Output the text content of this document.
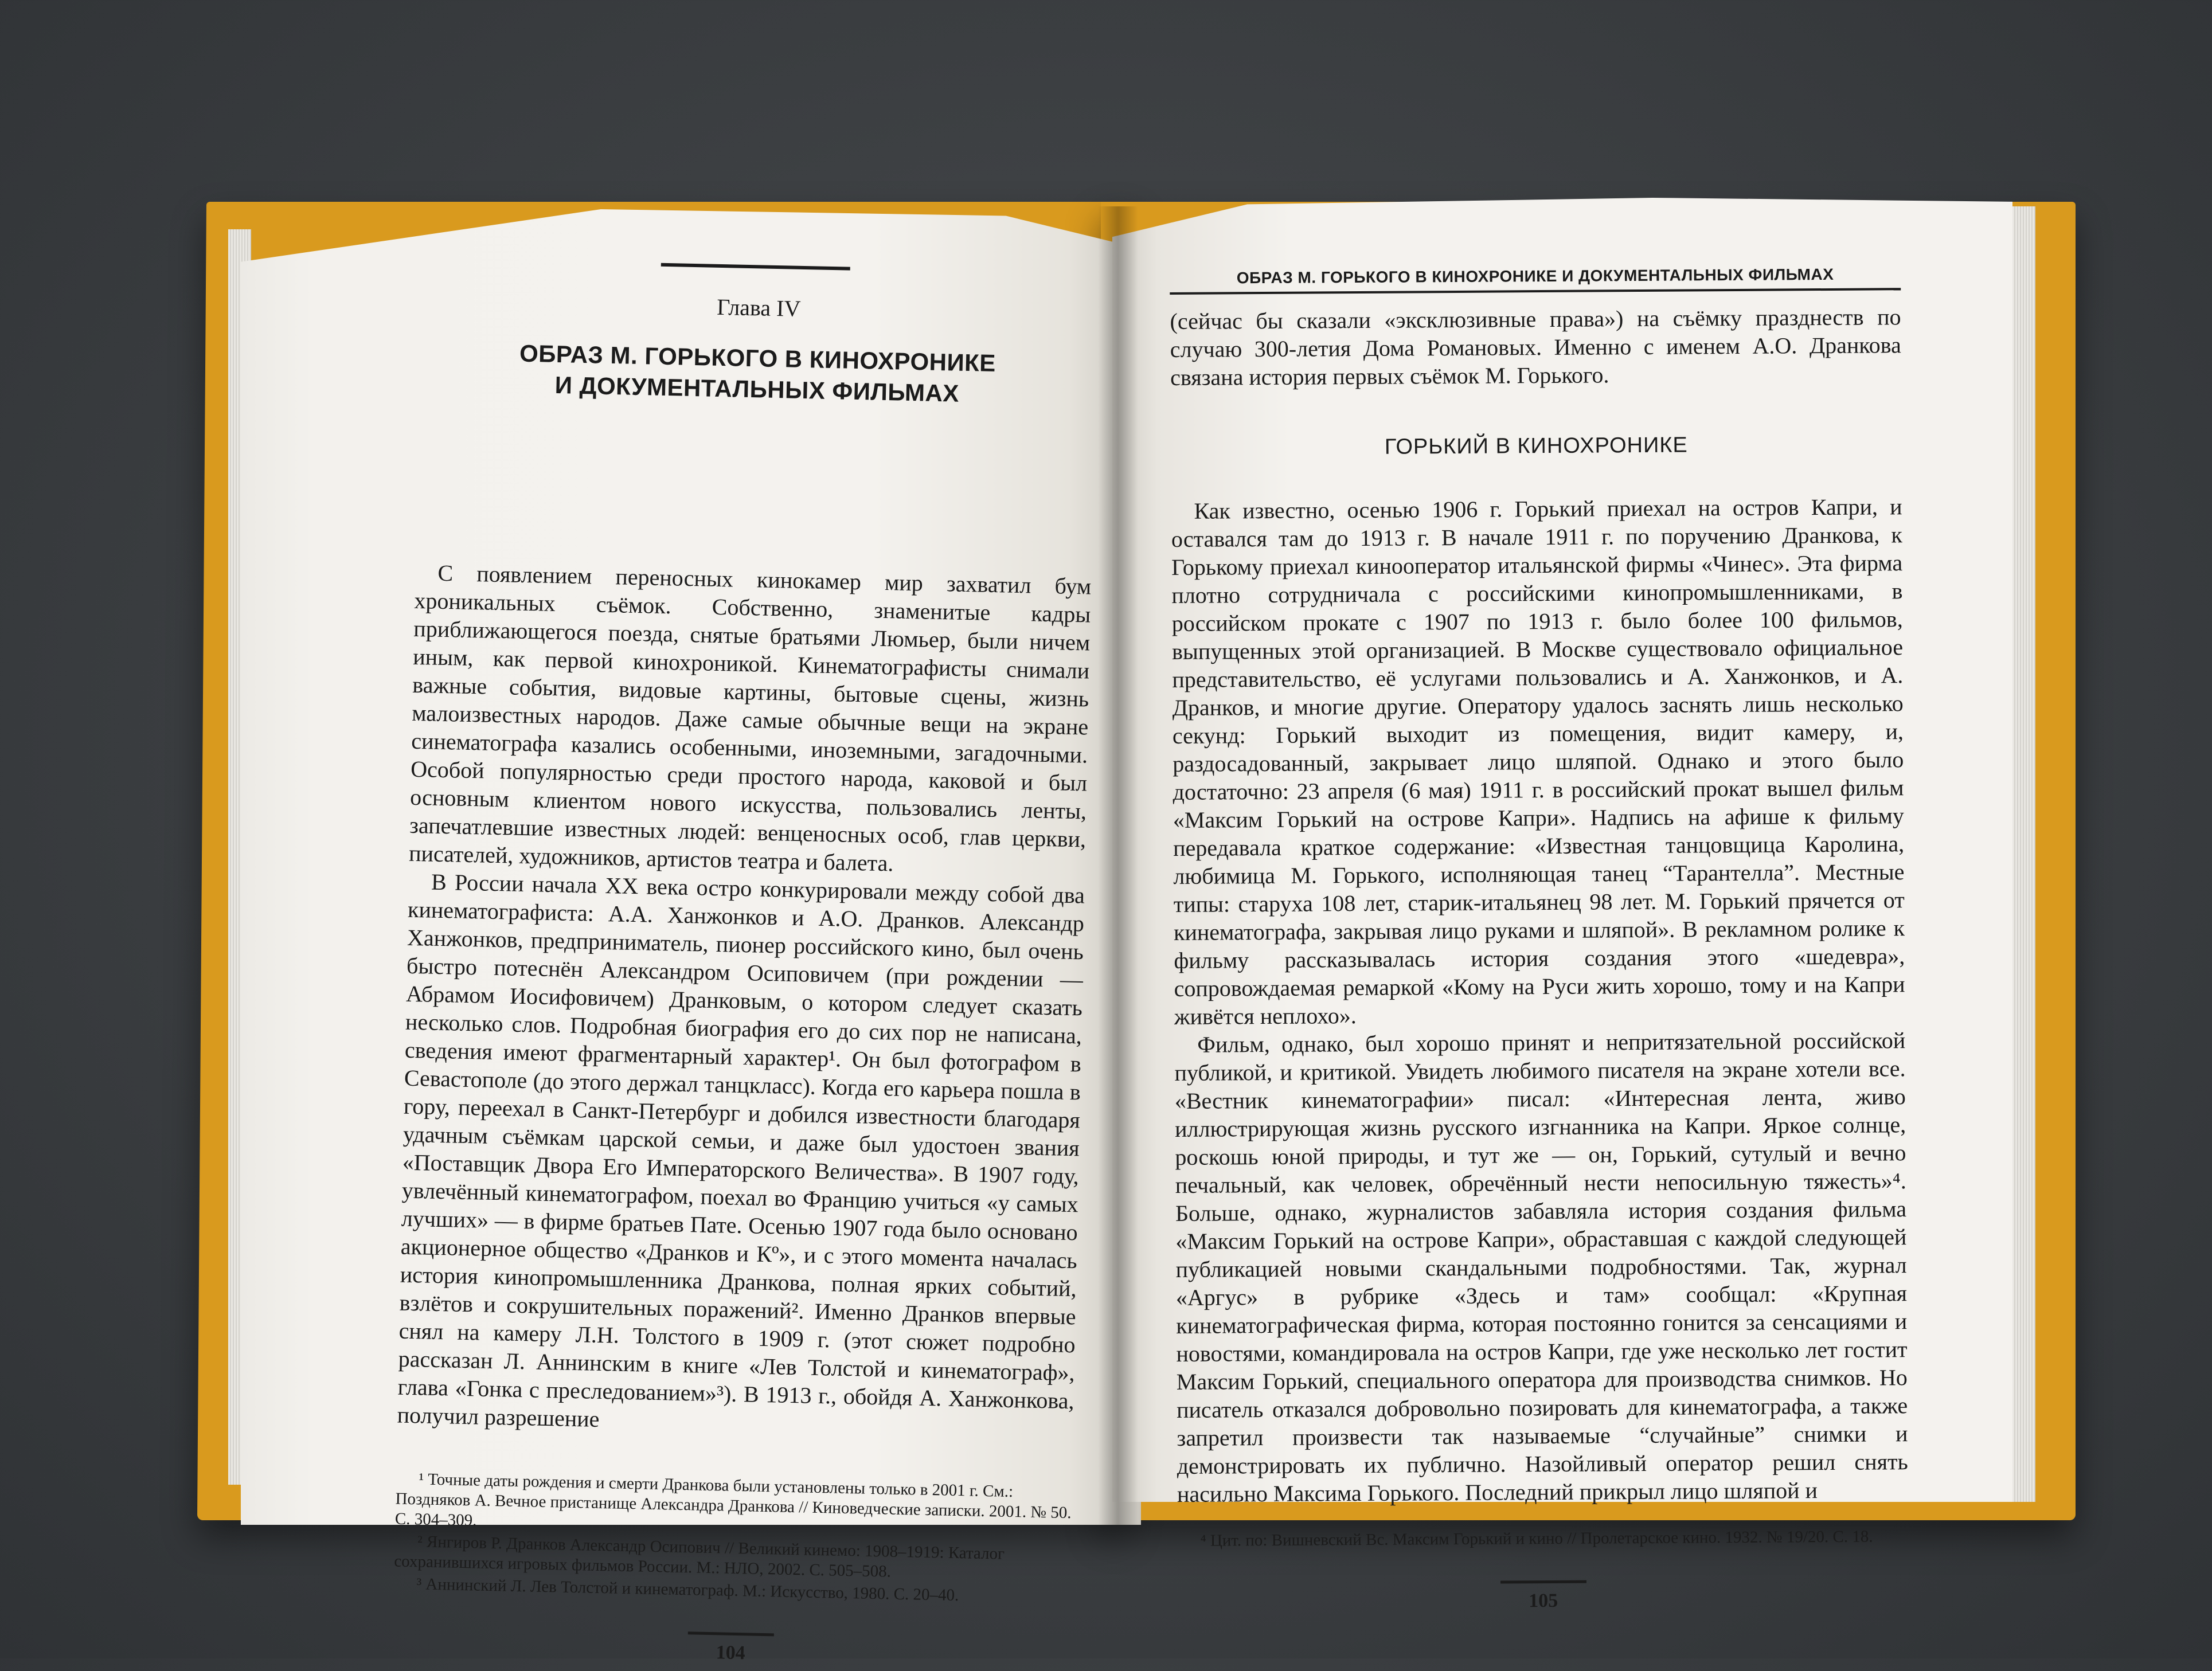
Глава IV
ОБРАЗ М. ГОРЬКОГО В КИНОХРОНИКЕ
И ДОКУМЕНТАЛЬНЫХ ФИЛЬМАХ

С появлением переносных кинокамер мир захватил бум хроникальных съёмок. Собственно, знаменитые кадры приближающегося поезда, снятые братьями Люмьер, были ничем иным, как первой кинохроникой. Кинематографисты снимали важные события, видовые картины, бытовые сцены, жизнь малоизвестных народов. Даже самые обычные вещи на экране синематографа казались особенными, иноземными, загадочными. Особой популярностью среди простого народа, каковой и был основным клиентом нового искусства, пользовались ленты, запечатлевшие известных людей: венценосных особ, глав церкви, писателей, художников, артистов театра и балета.

В России начала XX века остро конкурировали между собой два кинематографиста: А.А. Ханжонков и А.О. Дранков. Александр Ханжонков, предприниматель, пионер российского кино, был очень быстро потеснён Александром Осиповичем (при рождении — Абрамом Иосифовичем) Дранковым, о котором следует сказать несколько слов. Подробная биография его до сих пор не написана, сведения имеют фрагментарный характер¹. Он был фотографом в Севастополе (до этого держал танцкласс). Когда его карьера пошла в гору, переехал в Санкт-Петербург и добился известности благодаря удачным съёмкам царской семьи, и даже был удостоен звания «Поставщик Двора Его Императорского Величества». В 1907 году, увлечённый кинематографом, поехал во Францию учиться «у самых лучших» — в фирме братьев Пате. Осенью 1907 года было основано акционерное общество «Дранков и Кº», и с этого момента началась история кинопромышленника Дранкова, полная ярких событий, взлётов и сокрушительных поражений². Именно Дранков впервые снял на камеру Л.Н. Толстого в 1909 г. (этот сюжет подробно рассказан Л. Аннинским в книге «Лев Толстой и кинематограф», глава «Гонка с преследованием»³). В 1913 г., обойдя А. Ханжонкова, получил разрешение

¹ Точные даты рождения и смерти Дранкова были установлены только в 2001 г. См.: Поздняков А. Вечное пристанище Александра Дранкова // Киноведческие записки. 2001. № 50. С. 304–309.

² Янгиров Р. Дранков Александр Осипович // Великий кинемо: 1908–1919: Каталог сохранившихся игровых фильмов России. М.: НЛО, 2002. С. 505–508.

³ Аннинский Л. Лев Толстой и кинематограф. М.: Искусство, 1980. С. 20–40.

104
ОБРАЗ М. ГОРЬКОГО В КИНОХРОНИКЕ И ДОКУМЕНТАЛЬНЫХ ФИЛЬМАХ

(сейчас бы сказали «эксклюзивные права») на съёмку празднеств по случаю 300-летия Дома Романовых. Именно с именем А.О. Дранкова связана история первых съёмок М. Горького.

ГОРЬКИЙ В КИНОХРОНИКЕ

Как известно, осенью 1906 г. Горький приехал на остров Капри, и оставался там до 1913 г. В начале 1911 г. по поручению Дранкова, к Горькому приехал кинооператор итальянской фирмы «Чинес». Эта фирма плотно сотрудничала с российскими кинопромышленниками, в российском прокате с 1907 по 1913 г. было более 100 фильмов, выпущенных этой организацией. В Москве существовало официальное представительство, её услугами пользовались и А. Ханжонков, и А. Дранков, и многие другие. Оператору удалось заснять лишь несколько секунд: Горький выходит из помещения, видит камеру, и, раздосадованный, закрывает лицо шляпой. Однако и этого было достаточно: 23 апреля (6 мая) 1911 г. в российский прокат вышел фильм «Максим Горький на острове Капри». Надпись на афише к фильму передавала краткое содержание: «Известная танцовщица Каролина, любимица М. Горького, исполняющая танец “Тарантелла”. Местные типы: старуха 108 лет, старик-итальянец 98 лет. М. Горький прячется от кинематографа, закрывая лицо руками и шляпой». В рекламном ролике к фильму рассказывалась история создания этого «шедевра», сопровождаемая ремаркой «Кому на Руси жить хорошо, тому и на Капри живётся неплохо».

Фильм, однако, был хорошо принят и непритязательной российской публикой, и критикой. Увидеть любимого писателя на экране хотели все. «Вестник кинематографии» писал: «Интересная лента, живо иллюстрирующая жизнь русского изгнанника на Капри. Яркое солнце, роскошь юной природы, и тут же — он, Горький, сутулый и вечно печальный, как человек, обречённый нести непосильную тяжесть»⁴. Больше, однако, журналистов забавляла история создания фильма «Максим Горький на острове Капри», обраставшая с каждой следующей публикацией новыми скандальными подробностями. Так, журнал «Аргус» в рубрике «Здесь и там» сообщал: «Крупная кинематографическая фирма, которая постоянно гонится за сенсациями и новостями, командировала на остров Капри, где уже несколько лет гостит Максим Горький, специального оператора для производства снимков. Но писатель отказался добровольно позировать для кинематографа, а также запретил произвести так называемые “случайные” снимки и демонстрировать их публично. Назойливый оператор решил снять насильно Максима Горького. Последний прикрыл лицо шляпой и

⁴ Цит. по: Вишневский Вс. Максим Горький и кино // Пролетарское кино. 1932. № 19/20. С. 18.

105
